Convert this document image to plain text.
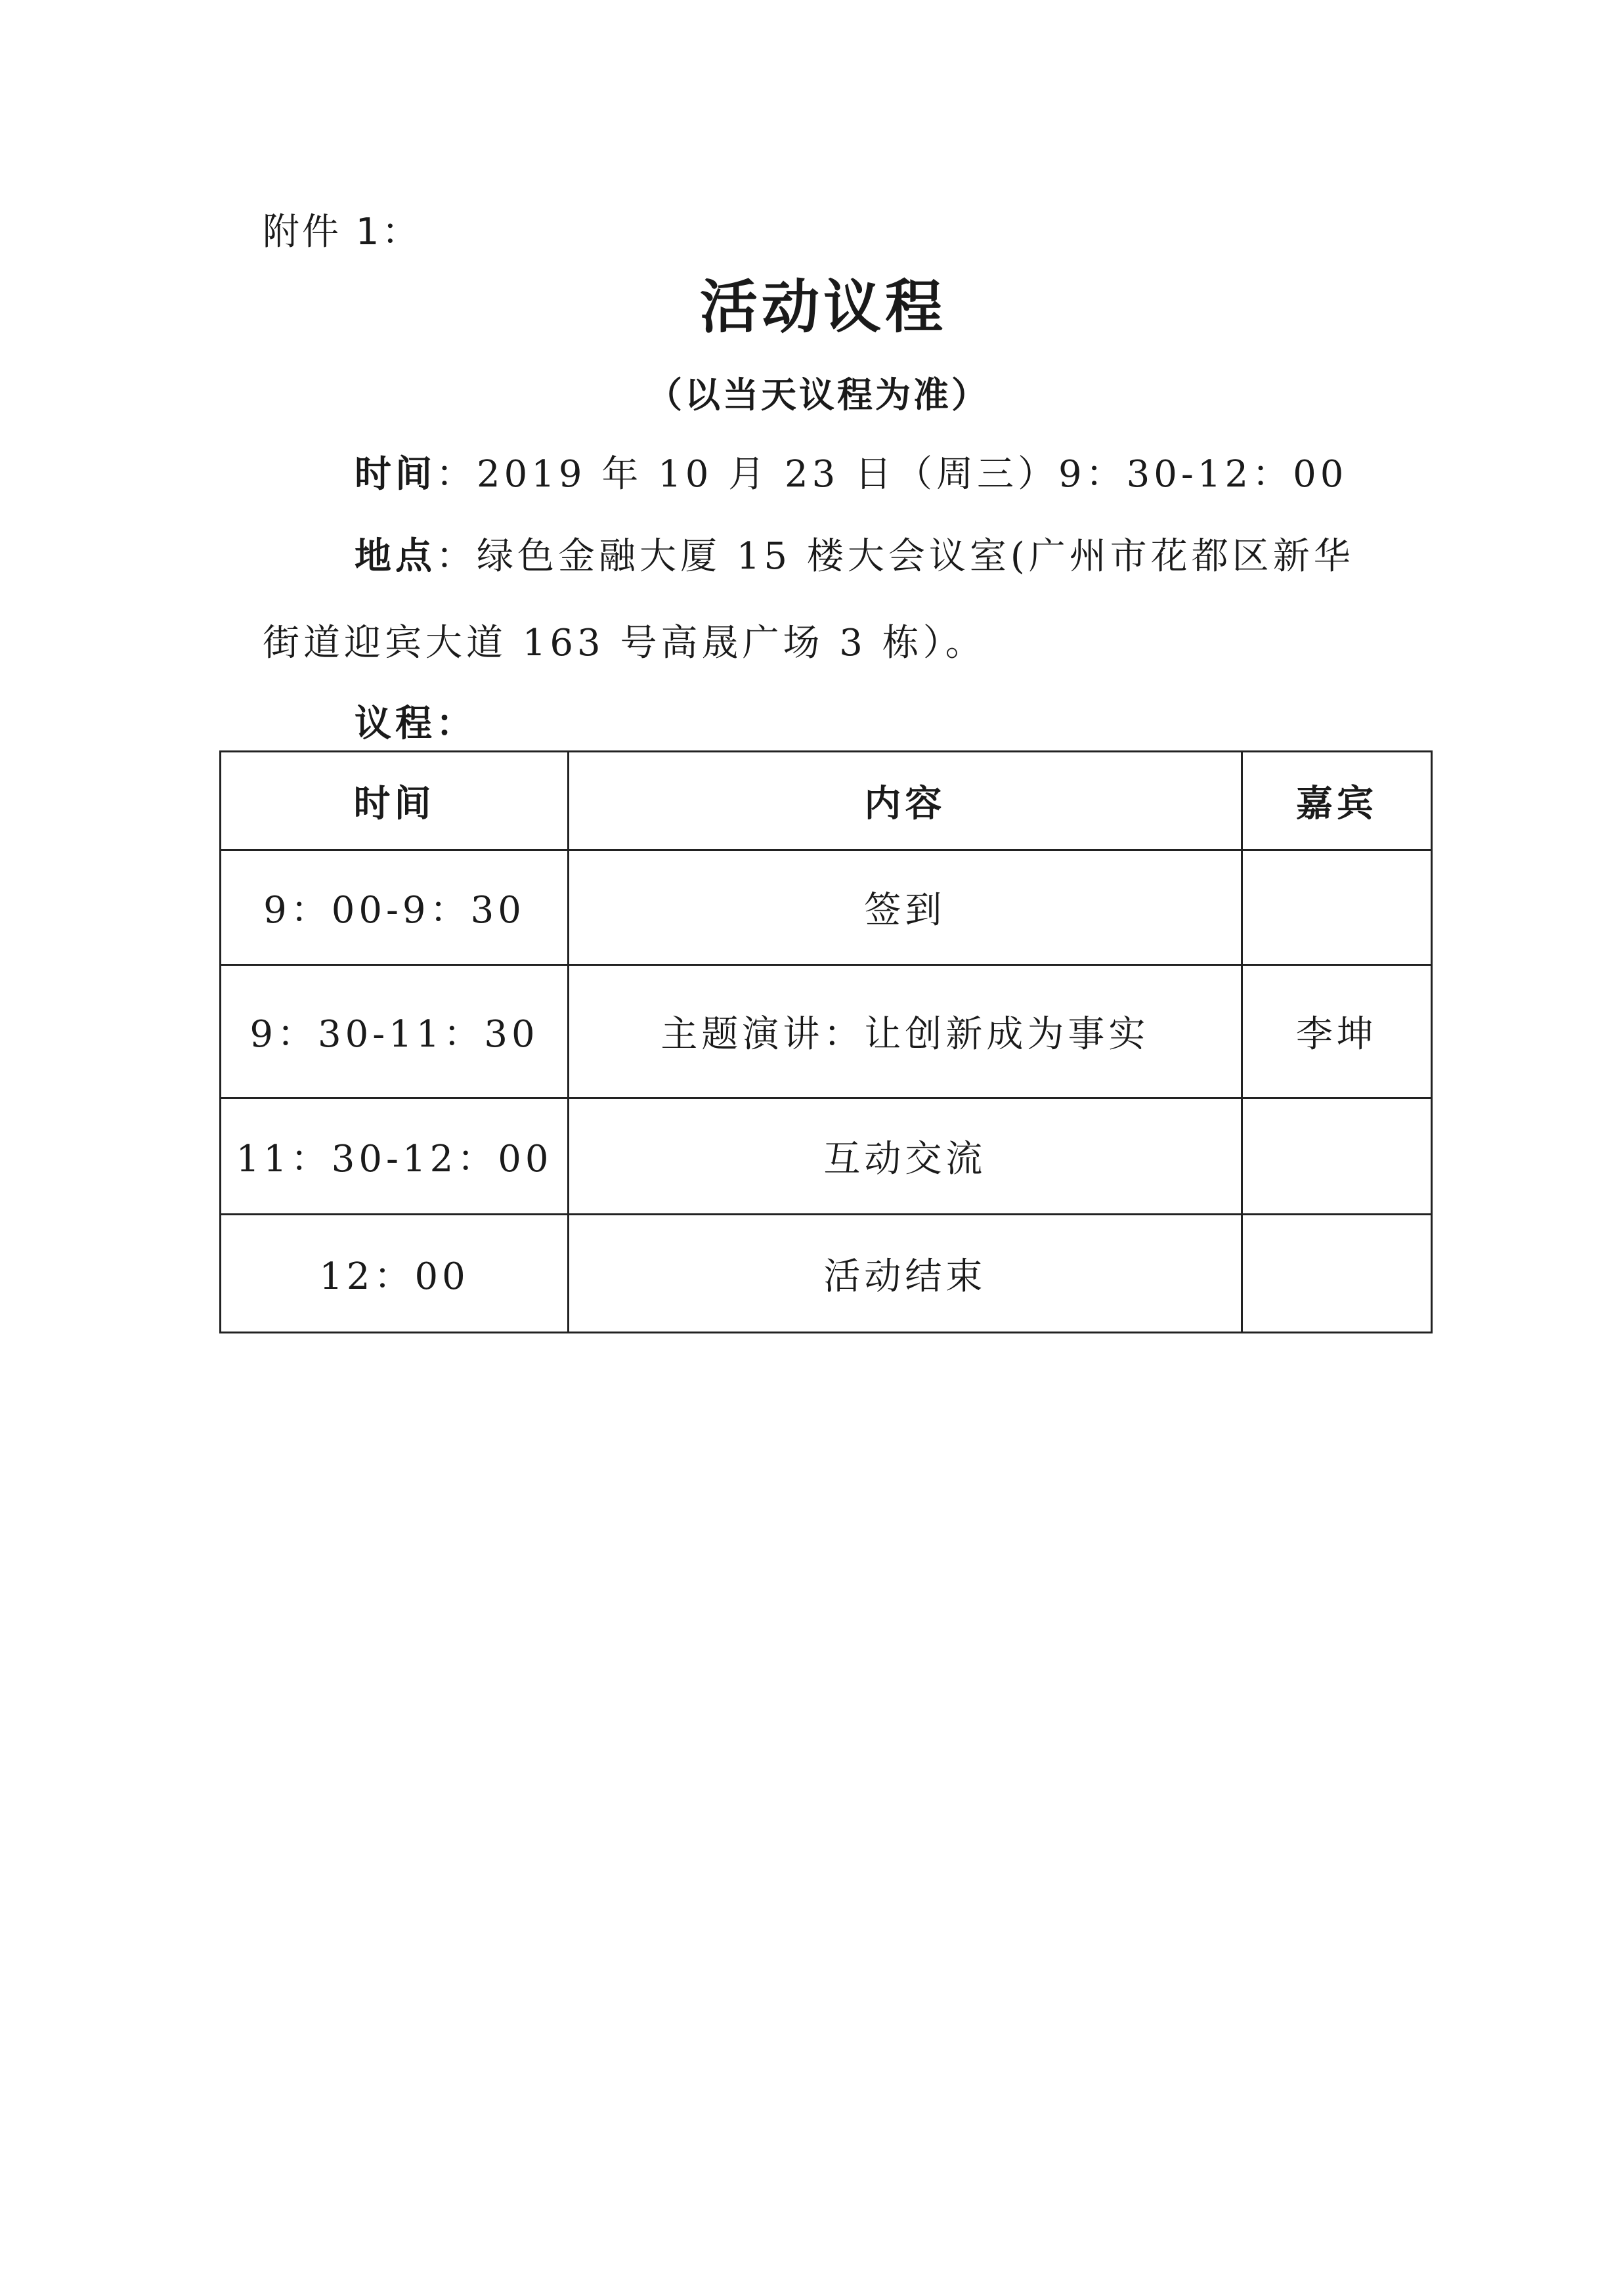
附件 1：
活动议程
（以当天议程为准）
时间：2019 年 10 月 23 日（周三）9：30-12：00
地点：绿色金融大厦 15 楼大会议室(广州市花都区新华
街道迎宾大道 163 号高晟广场 3 栋）。
议程：
时间	内容	嘉宾
9：00-9：30	签到	
9：30-11：30	主题演讲：让创新成为事实	李坤
11：30-12：00	互动交流	
12：00	活动结束	
